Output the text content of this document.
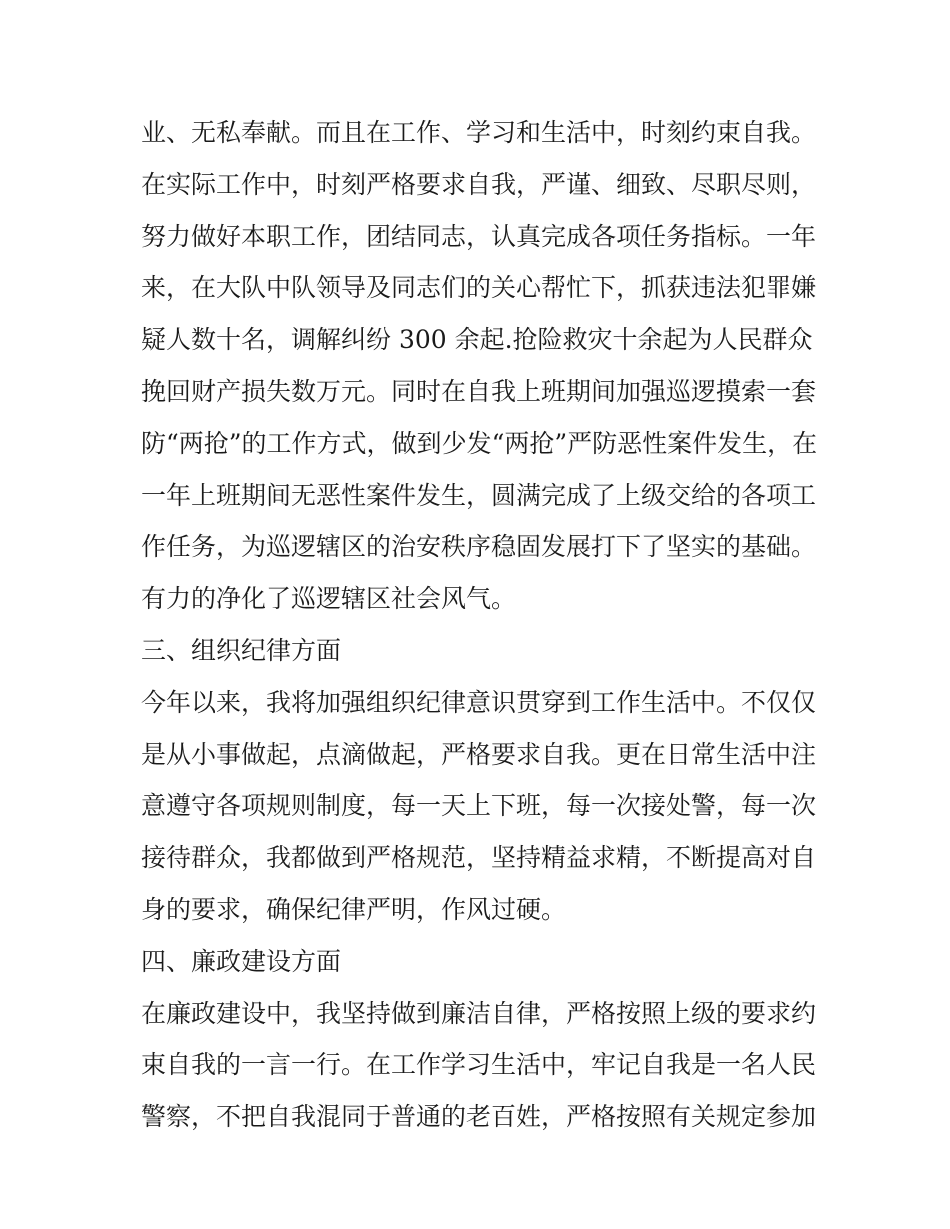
业、无私奉献。而且在工作、学习和生活中，时刻约束自我。
在实际工作中，时刻严格要求自我，严谨、细致、尽职尽则，
努力做好本职工作，团结同志，认真完成各项任务指标。一年
来，在大队中队领导及同志们的关心帮忙下，抓获违法犯罪嫌
疑人数十名，调解纠纷 300 余起.抢险救灾十余起为人民群众
挽回财产损失数万元。同时在自我上班期间加强巡逻摸索一套
防“两抢”的工作方式，做到少发“两抢”严防恶性案件发生，在
一年上班期间无恶性案件发生，圆满完成了上级交给的各项工
作任务，为巡逻辖区的治安秩序稳固发展打下了坚实的基础。
有力的净化了巡逻辖区社会风气。
三、组织纪律方面
今年以来，我将加强组织纪律意识贯穿到工作生活中。不仅仅
是从小事做起，点滴做起，严格要求自我。更在日常生活中注
意遵守各项规则制度，每一天上下班，每一次接处警，每一次
接待群众，我都做到严格规范，坚持精益求精，不断提高对自
身的要求，确保纪律严明，作风过硬。
四、廉政建设方面
在廉政建设中，我坚持做到廉洁自律，严格按照上级的要求约
束自我的一言一行。在工作学习生活中，牢记自我是一名人民
警察，不把自我混同于普通的老百姓，严格按照有关规定参加
